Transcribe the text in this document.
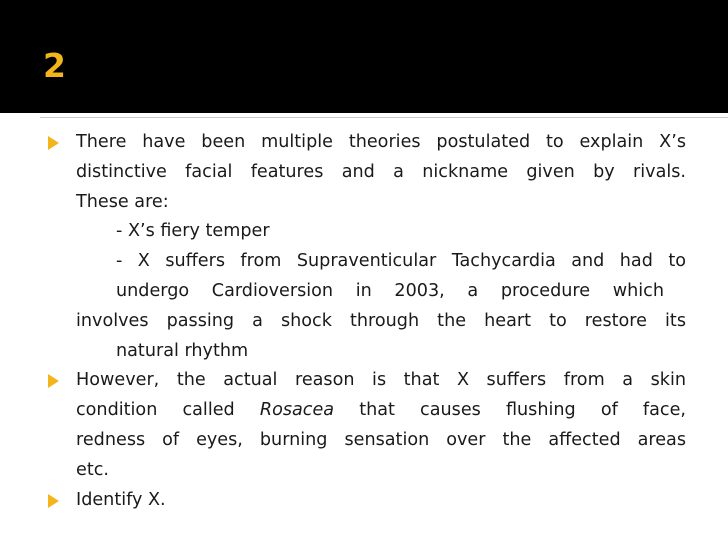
2
There have been multiple theories postulated to explain X’s
distinctive facial features and a nickname given by rivals.
These are:
- X’s fiery temper
- X suffers from Supraventicular Tachycardia and had to
undergo Cardioversion in 2003, a procedure which
involves passing a shock through the heart to restore its
natural rhythm
However, the actual reason is that X suffers from a skin
condition called Rosacea that causes flushing of face,
redness of eyes, burning sensation over the affected areas
etc.
Identify X.
